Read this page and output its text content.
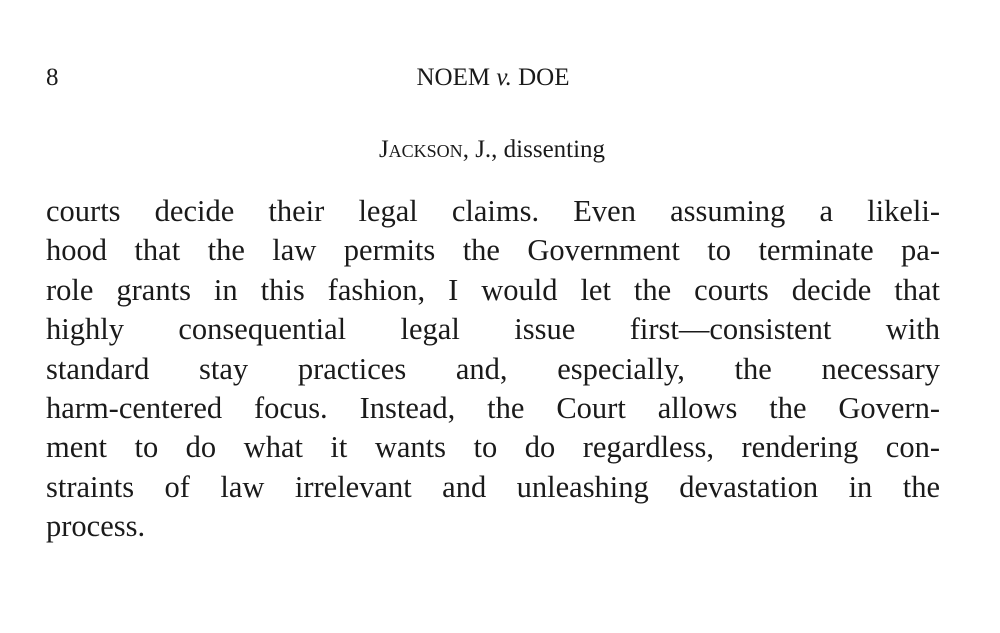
8	NOEM v. DOE
Jackson, J., dissenting

courts decide their legal claims. Even assuming a likeli-
hood that the law permits the Government to terminate pa-
role grants in this fashion, I would let the courts decide that
highly consequential legal issue first—consistent with
standard stay practices and, especially, the necessary
harm-centered focus. Instead, the Court allows the Govern-
ment to do what it wants to do regardless, rendering con-
straints of law irrelevant and unleashing devastation in the
process.
